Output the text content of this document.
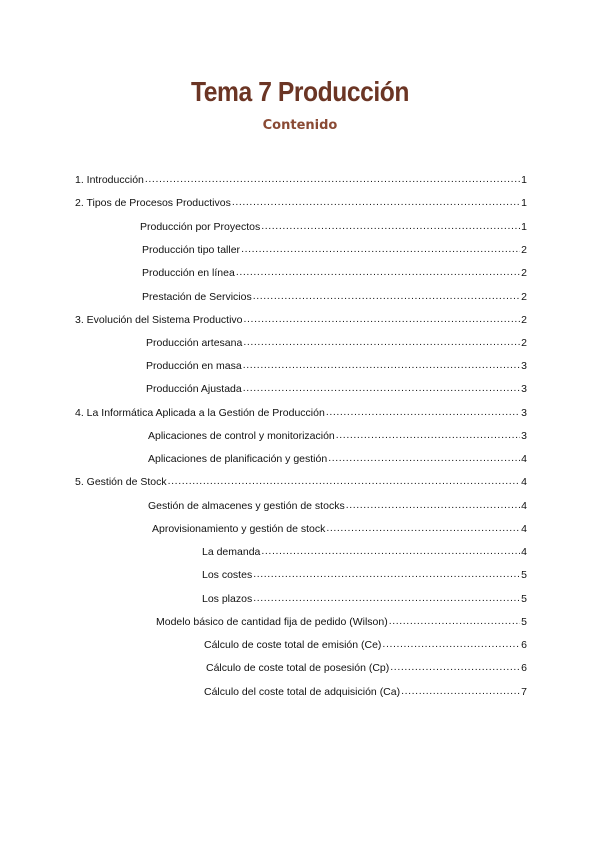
Tema 7 Producción
Contenido
1. Introducción .....	1
2. Tipos de Procesos Productivos .....	1
Producción por Proyectos .....	1
Producción tipo taller .....	2
Producción en línea .....	2
Prestación de Servicios .....	2
3. Evolución del Sistema Productivo .....	2
Producción artesana .....	2
Producción en masa .....	3
Producción Ajustada .....	3
4. La Informática Aplicada a la Gestión de Producción .....	3
Aplicaciones de control y monitorización .....	3
Aplicaciones de planificación y gestión .....	4
5. Gestión de Stock .....	4
Gestión de almacenes y gestión de stocks .....	4
Aprovisionamiento y gestión de stock .....	4
La demanda .....	4
Los costes .....	5
Los plazos .....	5
Modelo básico de cantidad fija de pedido (Wilson) .....	5
Cálculo de coste total de emisión (Ce) .....	6
Cálculo de coste total de posesión (Cp) .....	6
Cálculo del coste total de adquisición (Ca) .....	7
